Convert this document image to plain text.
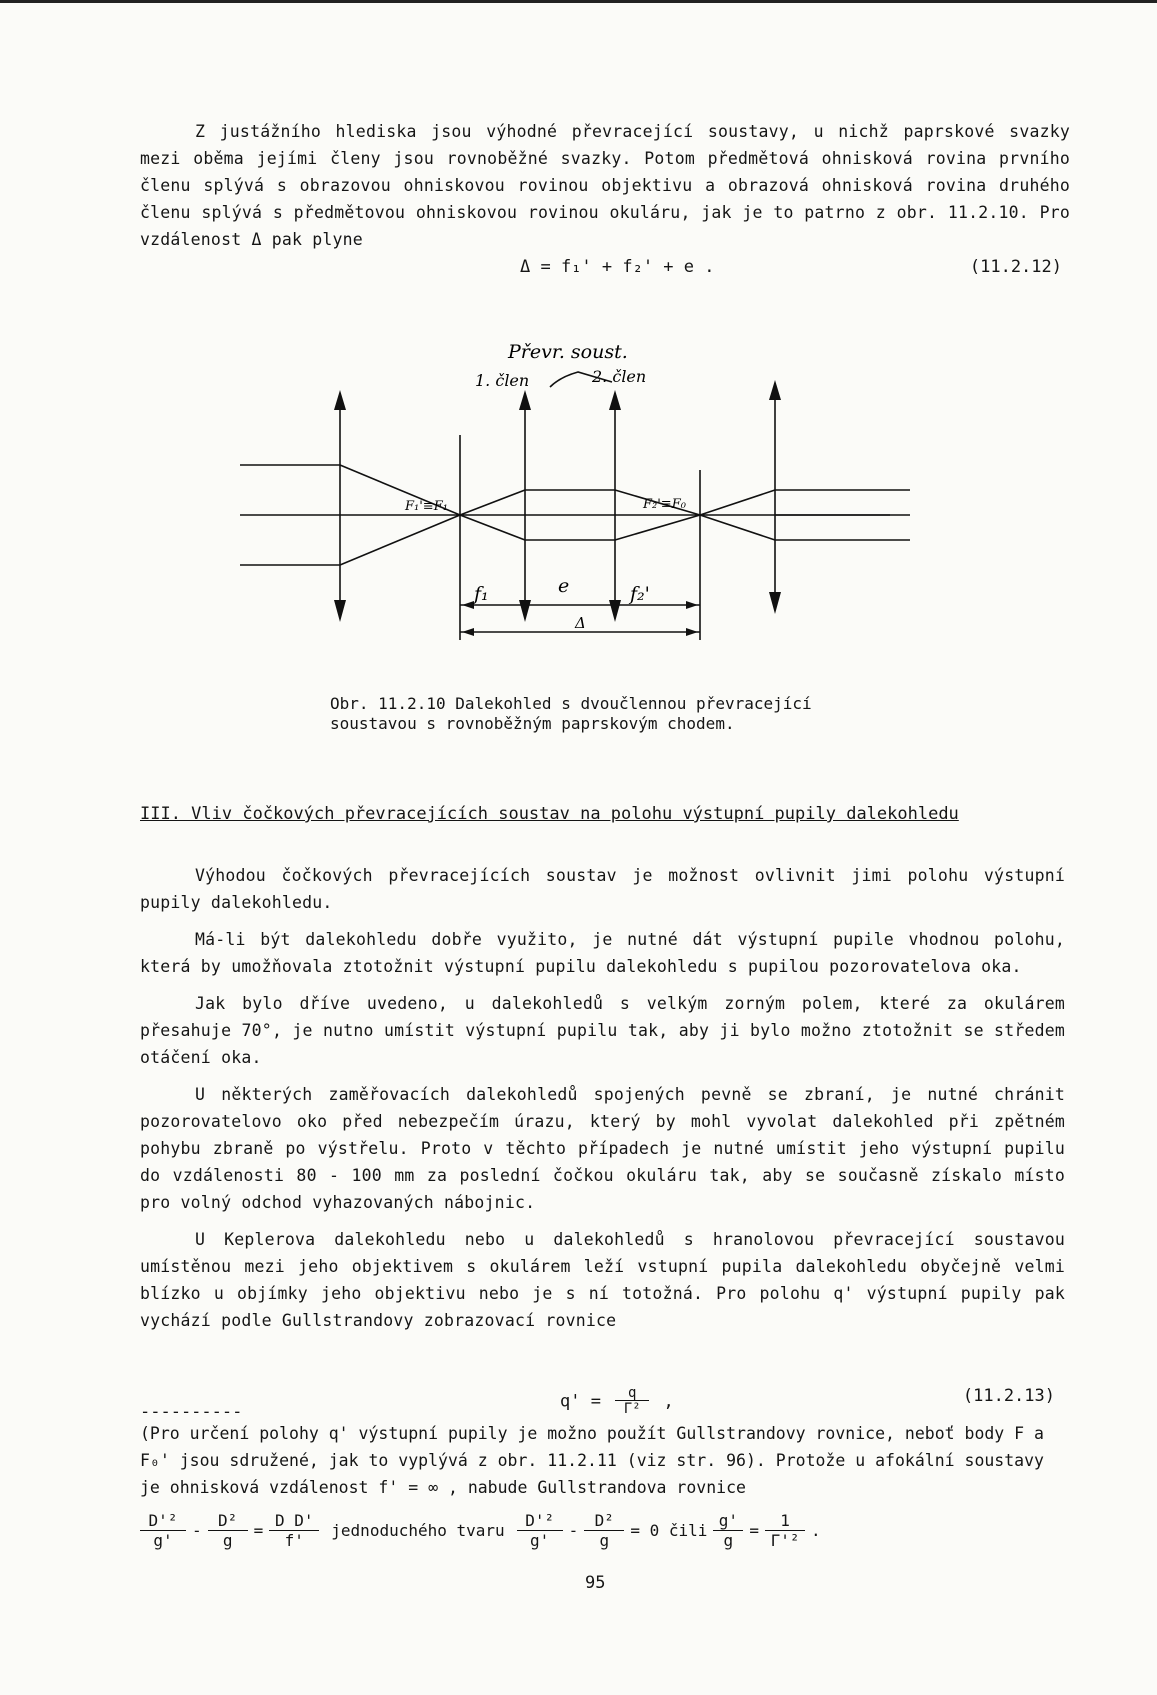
Z justážního hlediska jsou výhodné převracející soustavy, u nichž paprskové svazky mezi oběma jejími členy jsou rovnoběžné svazky. Potom předmětová ohnisková rovina prvního členu splývá s obrazovou ohniskovou rovinou objektivu a obrazová ohnisková rovina druhého členu splývá s předmětovou ohniskovou rovinou okuláru, jak je to patrno z obr. 11.2.10. Pro vzdálenost Δ pak plyne

Δ = f₁' + f₂' + e .	(11.2.12)
Převr. soust.
1. člen	2. člen
F₁'≡F₁	F₂'≡F₀
f₁	e	f₂'
Δ
Obr. 11.2.10 Dalekohled s dvoučlennou převracející soustavou s rovnoběžným paprskovým chodem.
III. Vliv čočkových převracejících soustav na polohu výstupní pupily dalekohledu

Výhodou čočkových převracejících soustav je možnost ovlivnit jimi polohu výstupní pupily dalekohledu.

Má-li být dalekohledu dobře využito, je nutné dát výstupní pupile vhodnou polohu, která by umožňovala ztotožnit výstupní pupilu dalekohledu s pupilou pozorovatelova oka.

Jak bylo dříve uvedeno, u dalekohledů s velkým zorným polem, které za okulárem přesahuje 70°, je nutno umístit výstupní pupilu tak, aby ji bylo možno ztotožnit se středem otáčení oka.

U některých zaměřovacích dalekohledů spojených pevně se zbraní, je nutné chránit pozorovatelovo oko před nebezpečím úrazu, který by mohl vyvolat dalekohled při zpětném pohybu zbraně po výstřelu. Proto v těchto případech je nutné umístit jeho výstupní pupilu do vzdálenosti 80 - 100 mm za poslední čočkou okuláru tak, aby se současně získalo místo pro volný odchod vyhazovaných nábojnic.

U Keplerova dalekohledu nebo u dalekohledů s hranolovou převracející soustavou umístěnou mezi jeho objektivem s okulárem leží vstupní pupila dalekohledu obyčejně velmi blízko u objímky jeho objektivu nebo je s ní totožná. Pro polohu q' výstupní pupily pak vychází podle Gullstrandovy zobrazovací rovnice

----------
$q' = \frac{q}{\text{Γ²}}$ ,	(11.2.13)
(Pro určení polohy q' výstupní pupily je možno použít Gullstrandovy rovnice, neboť body F a F₀' jsou sdružené, jak to vyplývá z obr. 11.2.11 (viz str. 96). Protože u afokální soustavy je ohnisková vzdálenost f' = ∞ , nabude Gullstrandova rovnice
D'²
g'
-
D²
g
=
D D'
f'
jednoduchého tvaru
D'²
g'
-
D²
g
= 0 čili
g'
g
=
1
Γ'²
.
95
